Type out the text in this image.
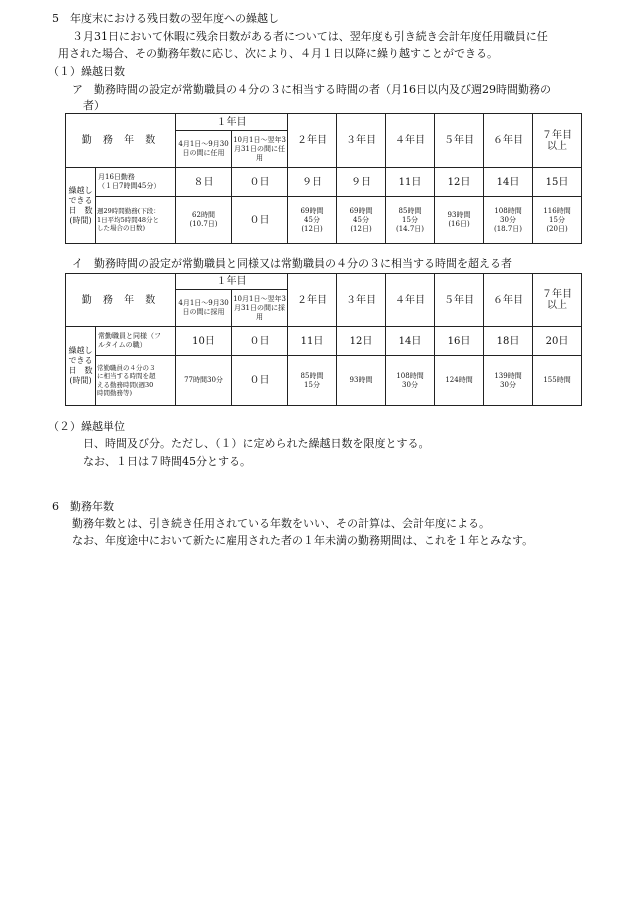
5　年度末における残日数の翌年度への繰越し
３月31日において休暇に残余日数がある者については、翌年度も引き続き会計年度任用職員に任
用された場合、その勤務年数に応じ、次により、４月１日以降に繰り越すことができる。
（１）繰越日数
ア　勤務時間の設定が常勤職員の４分の３に相当する時間の者（月16日以内及び週29時間勤務の
者）
勤 務 年 数		１年目		２年目	３年目	４年目	５年目	６年目	７年目
以上
		4月1日～9月30
日の間に任用	10月1日～翌年3
月31日の間に任用						
繰越し
できる
日　数
(時間)	月16日勤務
（１日7時間45分）	８日	０日	９日	９日	11日	12日	14日	15日
	週29時間勤務(下段：
1日平均5時間48分と
した場合の日数)	62時間
(10.7日)	０日	69時間
45分
(12日)	69時間
45分
(12日)	85時間
15分
(14.7日)	93時間
(16日)	108時間
30分
(18.7日)	116時間
15分
(20日)
イ　勤務時間の設定が常勤職員と同様又は常勤職員の４分の３に相当する時間を超える者
勤 務 年 数		１年目		２年目	３年目	４年目	５年目	６年目	７年目
以上
		4月1日～9月30
日の間に採用	10月1日～翌年3
月31日の間に採用						
繰越し
できる
日　数
(時間)	常勤職員と同様（フ
ルタイムの職）	10日	０日	11日	12日	14日	16日	18日	20日
	常勤職員の４分の３
に相当する時間を超
える勤務時間(週30
時間勤務等)	77時間30分	０日	85時間
15分	93時間	108時間
30分	124時間	139時間
30分	155時間
（２）繰越単位
日、時間及び分。ただし、（１）に定められた繰越日数を限度とする。
なお、１日は７時間45分とする。
6　勤務年数
勤務年数とは、引き続き任用されている年数をいい、その計算は、会計年度による。
なお、年度途中において新たに雇用された者の１年未満の勤務期間は、これを１年とみなす。
